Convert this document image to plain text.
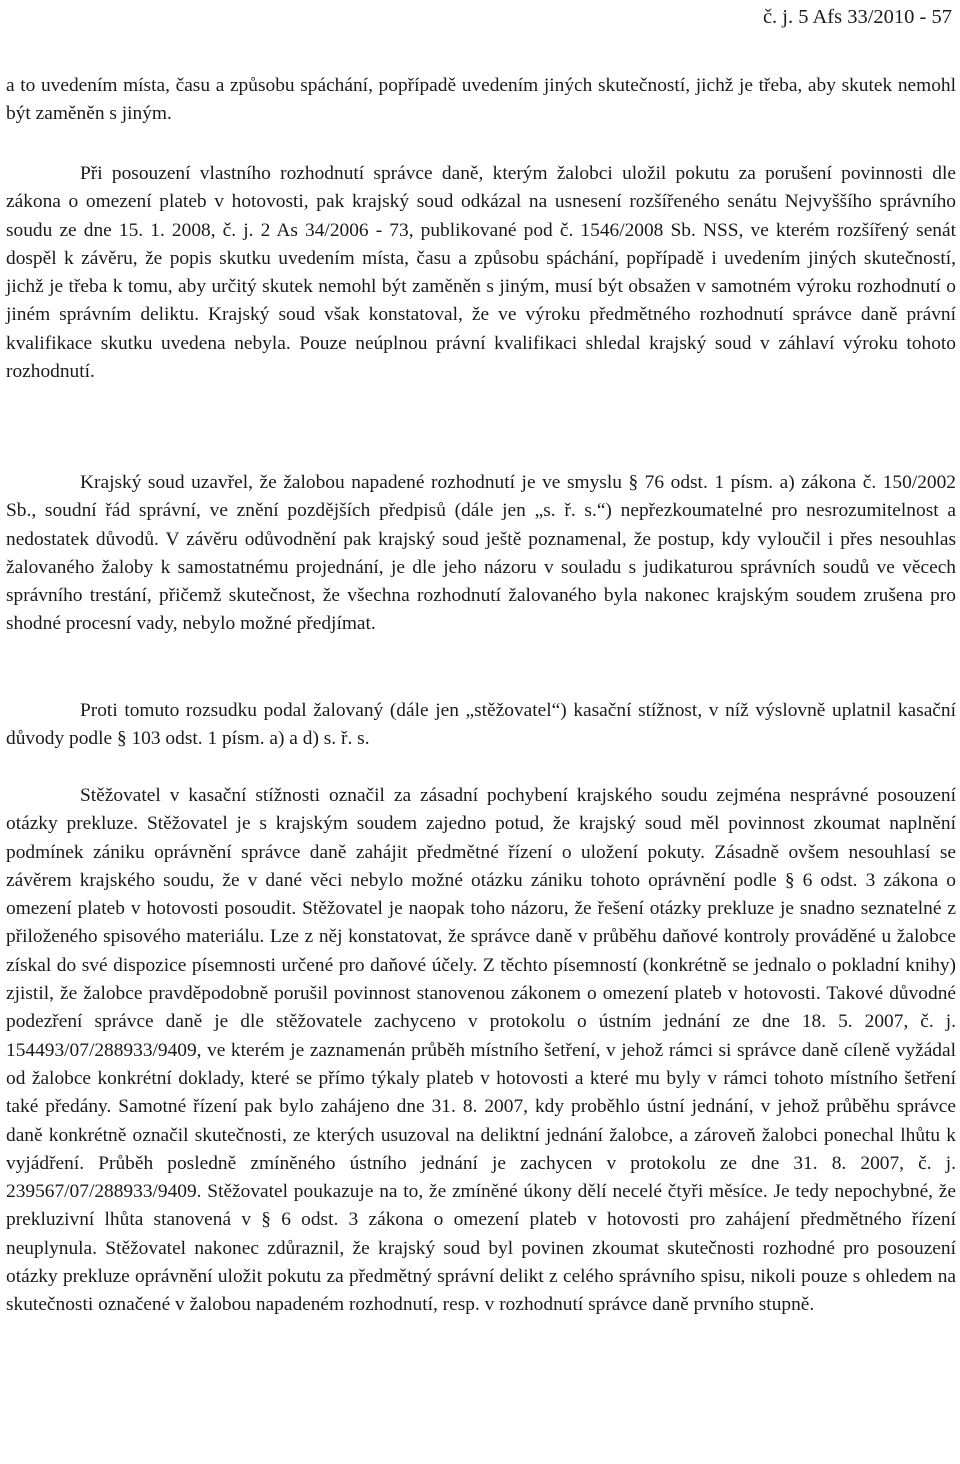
č. j. 5 Afs 33/2010 - 57

a to uvedením místa, času a způsobu spáchání, popřípadě uvedením jiných skutečností, jichž je třeba, aby skutek nemohl být zaměněn s jiným.

Při posouzení vlastního rozhodnutí správce daně, kterým žalobci uložil pokutu za porušení povinnosti dle zákona o omezení plateb v hotovosti, pak krajský soud odkázal na usnesení rozšířeného senátu Nejvyššího správního soudu ze dne 15. 1. 2008, č. j. 2 As 34/2006 - 73, publikované pod č. 1546/2008 Sb. NSS, ve kterém rozšířený senát dospěl k závěru, že popis skutku uvedením místa, času a způsobu spáchání, popřípadě i uvedením jiných skutečností, jichž je třeba k tomu, aby určitý skutek nemohl být zaměněn s jiným, musí být obsažen v samotném výroku rozhodnutí o jiném správním deliktu. Krajský soud však konstatoval, že ve výroku předmětného rozhodnutí správce daně právní kvalifikace skutku uvedena nebyla. Pouze neúplnou právní kvalifikaci shledal krajský soud v záhlaví výroku tohoto rozhodnutí.

Krajský soud uzavřel, že žalobou napadené rozhodnutí je ve smyslu § 76 odst. 1 písm. a) zákona č. 150/2002 Sb., soudní řád správní, ve znění pozdějších předpisů (dále jen „s. ř. s.“) nepřezkoumatelné pro nesrozumitelnost a nedostatek důvodů. V závěru odůvodnění pak krajský soud ještě poznamenal, že postup, kdy vyloučil i přes nesouhlas žalovaného žaloby k samostatnému projednání, je dle jeho názoru v souladu s judikaturou správních soudů ve věcech správního trestání, přičemž skutečnost, že všechna rozhodnutí žalovaného byla nakonec krajským soudem zrušena pro shodné procesní vady, nebylo možné předjímat.

Proti tomuto rozsudku podal žalovaný (dále jen „stěžovatel“) kasační stížnost, v níž výslovně uplatnil kasační důvody podle § 103 odst. 1 písm. a) a d) s. ř. s.

Stěžovatel v kasační stížnosti označil za zásadní pochybení krajského soudu zejména nesprávné posouzení otázky prekluze. Stěžovatel je s krajským soudem zajedno potud, že krajský soud měl povinnost zkoumat naplnění podmínek zániku oprávnění správce daně zahájit předmětné řízení o uložení pokuty. Zásadně ovšem nesouhlasí se závěrem krajského soudu, že v dané věci nebylo možné otázku zániku tohoto oprávnění podle § 6 odst. 3 zákona o omezení plateb v hotovosti posoudit. Stěžovatel je naopak toho názoru, že řešení otázky prekluze je snadno seznatelné z přiloženého spisového materiálu. Lze z něj konstatovat, že správce daně v průběhu daňové kontroly prováděné u žalobce získal do své dispozice písemnosti určené pro daňové účely. Z těchto písemností (konkrétně se jednalo o pokladní knihy) zjistil, že žalobce pravděpodobně porušil povinnost stanovenou zákonem o omezení plateb v hotovosti. Takové důvodné podezření správce daně je dle stěžovatele zachyceno v protokolu o ústním jednání ze dne 18. 5. 2007, č. j. 154493/07/288933/9409, ve kterém je zaznamenán průběh místního šetření, v jehož rámci si správce daně cíleně vyžádal od žalobce konkrétní doklady, které se přímo týkaly plateb v hotovosti a které mu byly v rámci tohoto místního šetření také předány. Samotné řízení pak bylo zahájeno dne 31. 8. 2007, kdy proběhlo ústní jednání, v jehož průběhu správce daně konkrétně označil skutečnosti, ze kterých usuzoval na deliktní jednání žalobce, a zároveň žalobci ponechal lhůtu k vyjádření. Průběh posledně zmíněného ústního jednání je zachycen v protokolu ze dne 31. 8. 2007, č. j. 239567/07/288933/9409. Stěžovatel poukazuje na to, že zmíněné úkony dělí necelé čtyři měsíce. Je tedy nepochybné, že prekluzivní lhůta stanovená v § 6 odst. 3 zákona o omezení plateb v hotovosti pro zahájení předmětného řízení neuplynula. Stěžovatel nakonec zdůraznil, že krajský soud byl povinen zkoumat skutečnosti rozhodné pro posouzení otázky prekluze oprávnění uložit pokutu za předmětný správní delikt z celého správního spisu, nikoli pouze s ohledem na skutečnosti označené v žalobou napadeném rozhodnutí, resp. v rozhodnutí správce daně prvního stupně.
